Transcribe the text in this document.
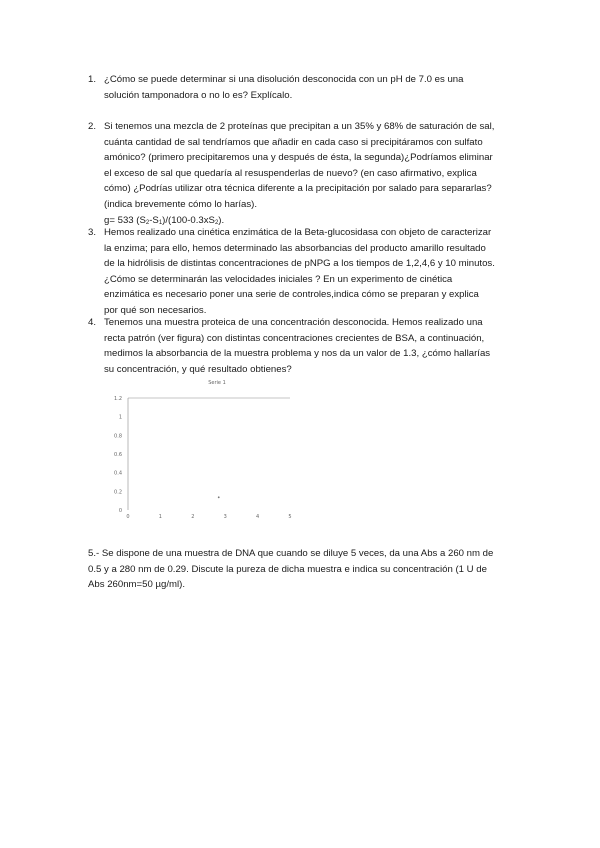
1. ¿Cómo se puede determinar si una disolución desconocida con un pH de 7.0 es una
solución tamponadora o no lo es? Explícalo.

2. Si tenemos una mezcla de 2 proteínas que precipitan a un 35% y 68% de saturación de sal,
cuánta cantidad de sal tendríamos que añadir en cada caso si precipitáramos con sulfato
amónico? (primero precipitaremos una y después de ésta, la segunda)¿Podríamos eliminar
el exceso de sal que quedaría al resuspenderlas de nuevo? (en caso afirmativo, explica
cómo) ¿Podrías utilizar otra técnica diferente a la precipitación por salado para separarlas?
(indica brevemente cómo lo harías).
g= 533 $(S_2-S_1)/(100-0.3xS_2)$.

3. Hemos realizado una cinética enzimática de la Beta-glucosidasa con objeto de caracterizar
la enzima; para ello, hemos determinado las absorbancias del producto amarillo resultado
de la hidrólisis de distintas concentraciones de pNPG a los tiempos de 1,2,4,6 y 10 minutos.
¿Cómo se determinarán las velocidades iniciales ? En un experimento de cinética
enzimática es necesario poner una serie de controles,indica cómo se preparan y explica
por qué son necesarios.

4. Tenemos una muestra proteica de una concentración desconocida. Hemos realizado una
recta patrón (ver figura) con distintas concentraciones crecientes de BSA, a continuación,
medimos la absorbancia de la muestra problema y nos da un valor de 1.3, ¿cómo hallarías
su concentración, y qué resultado obtienes?

Serie 1
0
0.2
0.4
0.6
0.8
1
1.2
0	1	2	3	4	5

5.- Se dispone de una muestra de DNA que cuando se diluye 5 veces, da una Abs a 260 nm de
0.5 y a 280 nm de 0.29. Discute la pureza de dicha muestra e indica su concentración (1 U de
Abs 260nm=50 µg/ml).
